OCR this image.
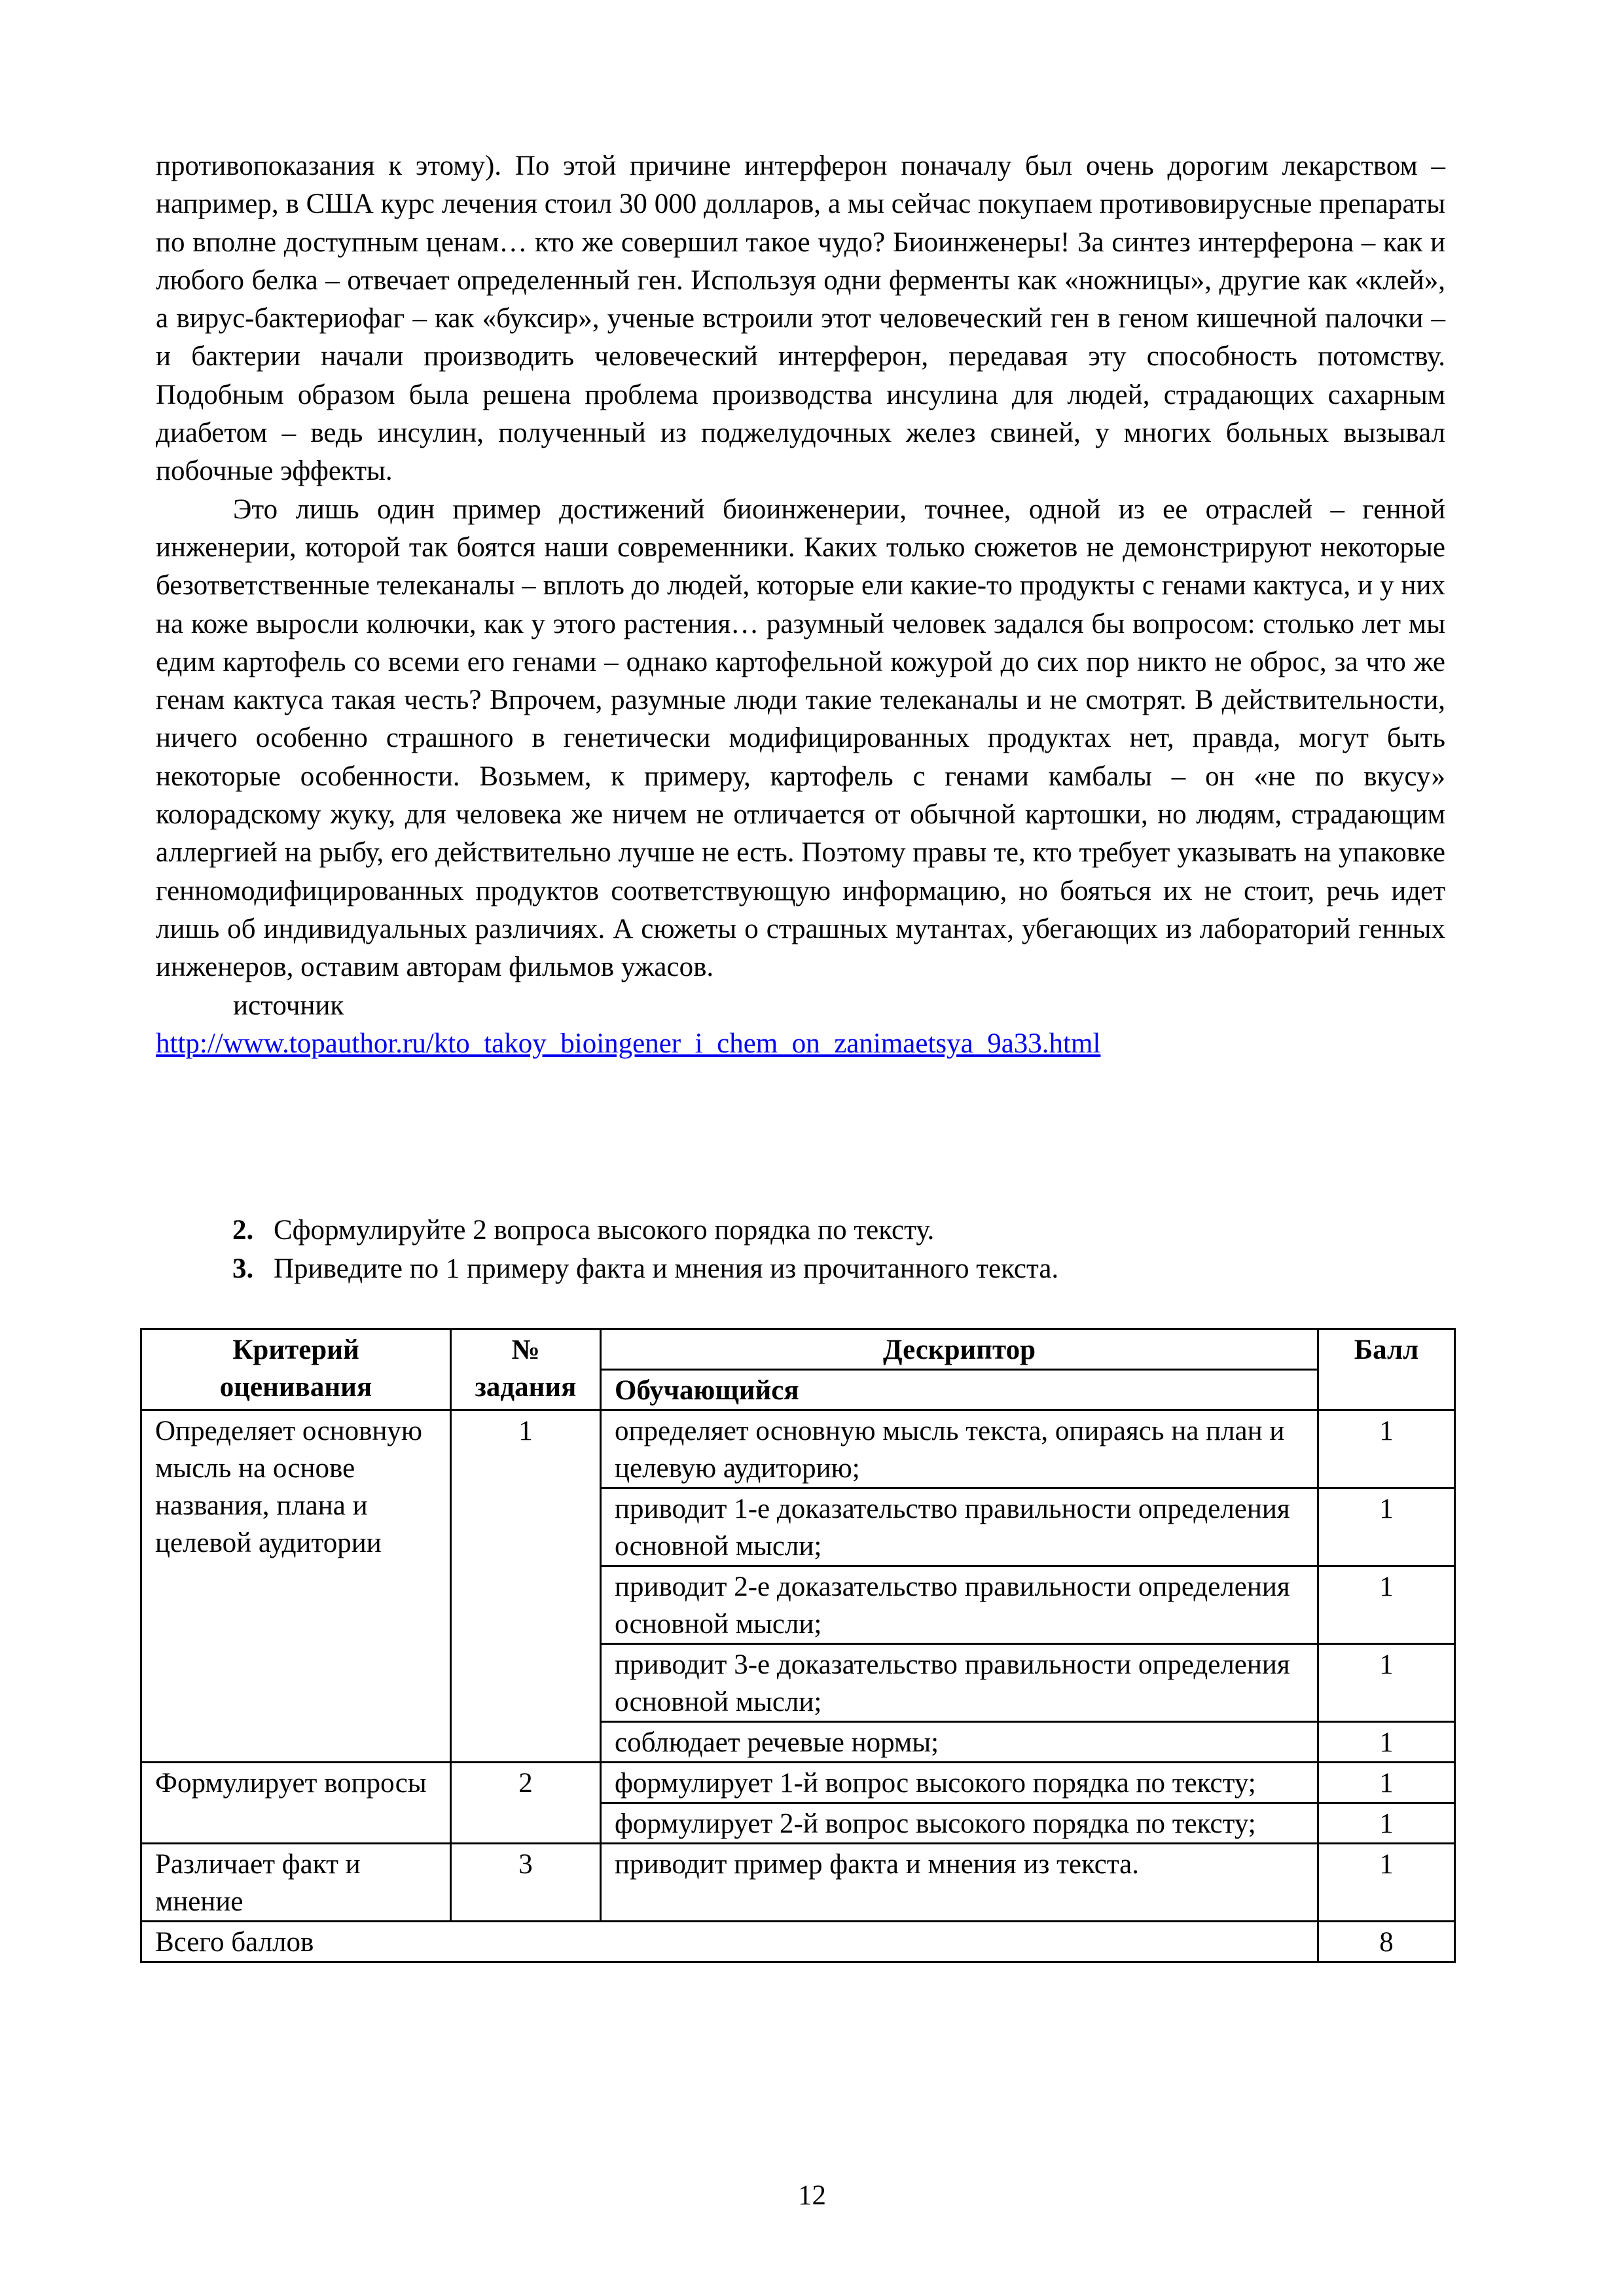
противопоказания к этому). По этой причине интерферон поначалу был очень дорогим лекарством – например, в США курс лечения стоил 30 000 долларов, а мы сейчас покупаем противовирусные препараты по вполне доступным ценам… кто же совершил такое чудо? Биоинженеры! За синтез интерферона – как и любого белка – отвечает определенный ген. Используя одни ферменты как «ножницы», другие как «клей», а вирус-бактериофаг – как «буксир», ученые встроили этот человеческий ген в геном кишечной палочки – и бактерии начали производить человеческий интерферон, передавая эту способность потомству. Подобным образом была решена проблема производства инсулина для людей, страдающих сахарным диабетом – ведь инсулин, полученный из поджелудочных желез свиней, у многих больных вызывал побочные эффекты.

Это лишь один пример достижений биоинженерии, точнее, одной из ее отраслей – генной инженерии, которой так боятся наши современники. Каких только сюжетов не демонстрируют некоторые безответственные телеканалы – вплоть до людей, которые ели какие-то продукты с генами кактуса, и у них на коже выросли колючки, как у этого растения… разумный человек задался бы вопросом: столько лет мы едим картофель со всеми его генами – однако картофельной кожурой до сих пор никто не оброс, за что же генам кактуса такая честь? Впрочем, разумные люди такие телеканалы и не смотрят. В действительности, ничего особенно страшного в генетически модифицированных продуктах нет, правда, могут быть некоторые особенности. Возьмем, к примеру, картофель с генами камбалы – он «не по вкусу» колорадскому жуку, для человека же ничем не отличается от обычной картошки, но людям, страдающим аллергией на рыбу, его действительно лучше не есть. Поэтому правы те, кто требует указывать на упаковке генномодифицированных продуктов соответствующую информацию, но бояться их не стоит, речь идет лишь об индивидуальных различиях. А сюжеты о страшных мутантах, убегающих из лабораторий генных инженеров, оставим авторам фильмов ужасов.

источник

http://www.topauthor.ru/kto_takoy_bioingener_i_chem_on_zanimaetsya_9a33.html

2. Сформулируйте 2 вопроса высокого порядка по тексту.

3. Приведите по 1 примеру факта и мнения из прочитанного текста.

Критерий оценивания	№ задания	Дескриптор	Балл
		Обучающийся	
Определяет основную мысль на основе названия, плана и целевой аудитории	1	определяет основную мысль текста, опираясь на план и целевую аудиторию;	1
		приводит 1-е доказательство правильности определения основной мысли;	1
		приводит 2-е доказательство правильности определения основной мысли;	1
		приводит 3-е доказательство правильности определения основной мысли;	1
		соблюдает речевые нормы;	1
Формулирует вопросы	2	формулирует 1-й вопрос высокого порядка по тексту;	1
		формулирует 2-й вопрос высокого порядка по тексту;	1
Различает факт и мнение	3	приводит пример факта и мнения из текста.	1
Всего баллов			8
12
